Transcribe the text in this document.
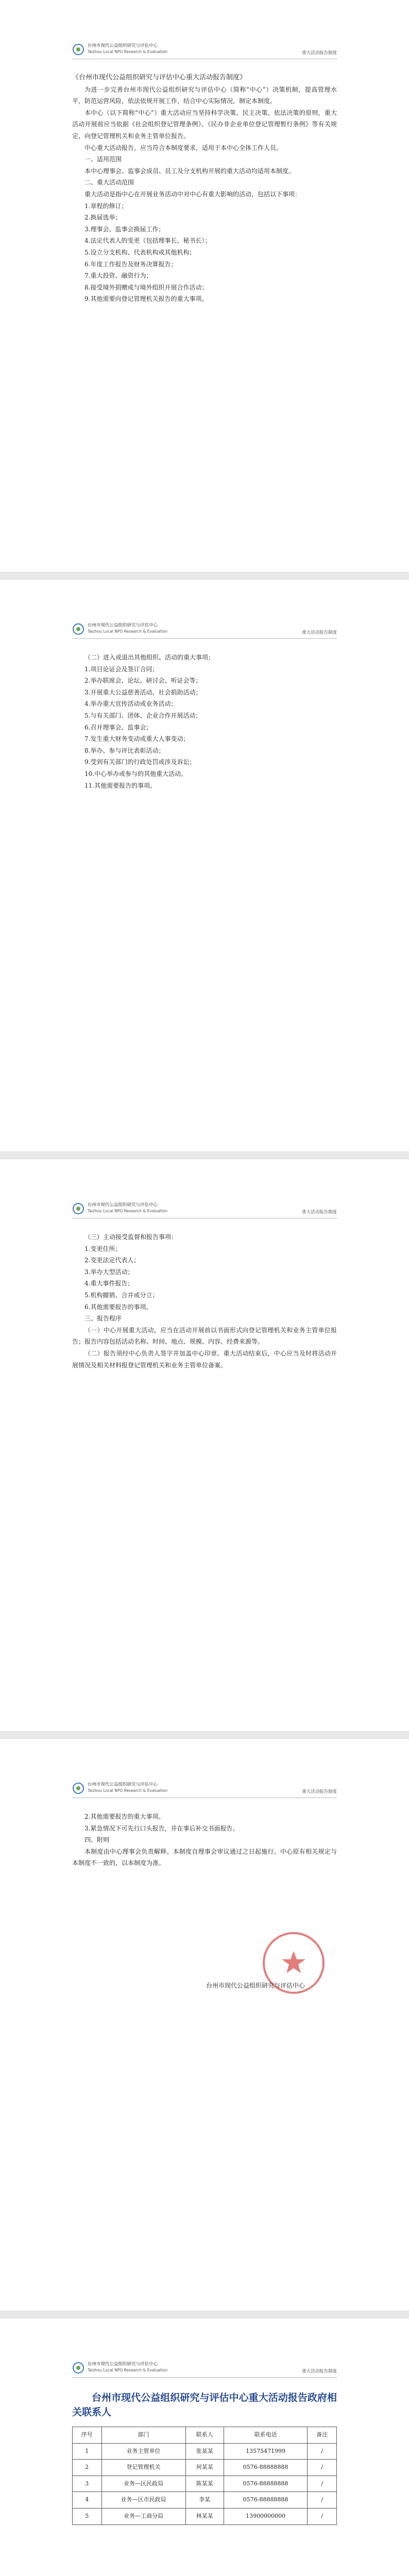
台州市现代公益组织研究与评估中心
Taizhou Local NPO Research & Evaluation	重大活动报告制度

《台州市现代公益组织研究与评估中心重大活动报告制度》

为进一步完善台州市现代公益组织研究与评估中心（简称“中心”）决策机制，提高管理水平，防范运营风险，依法依规开展工作，结合中心实际情况，制定本制度。

本中心（以下简称“中心”）重大活动应当坚持科学决策、民主决策、依法决策的原则，重大活动开展前应当依据《社会组织登记管理条例》、《民办非企业单位登记管理暂行条例》等有关规定，向登记管理机关和业务主管单位报告。

中心重大活动报告，应当符合本制度要求，适用于本中心全体工作人员。

一、适用范围

本中心理事会、监事会成员、员工及分支机构开展的重大活动均适用本制度。

二、重大活动范围

重大活动是指中心在开展业务活动中对中心有重大影响的活动，包括以下事项：

1.章程的修订；

2.换届选举；

3.理事会、监事会换届工作；

4.法定代表人的变更（包括理事长、秘书长）；

5.设立分支机构、代表机构或其他机构；

6.年度工作报告及财务决算报告；

7.重大投资、融资行为；

8.接受境外捐赠或与境外组织开展合作活动；

9.其他需要向登记管理机关报告的重大事项。

台州市现代公益组织研究与评估中心
Taizhou Local NPO Research & Evaluation	重大活动报告制度

（二）进入或退出其他组织、活动的重大事项；

1.项目论证会及签订合同；

2.举办联席会、论坛、研讨会、听证会等；

3.开展重大公益慈善活动、社会捐助活动；

4.举办重大宣传活动或业务活动；

5.与有关部门、团体、企业合作开展活动；

6.召开理事会、监事会；

7.发生重大财务变动或重大人事变动；

8.举办、参与评比表彰活动；

9.受到有关部门的行政处罚或涉及诉讼；

10.中心举办或参与的其他重大活动。

11.其他需要报告的事项。

台州市现代公益组织研究与评估中心
Taizhou Local NPO Research & Evaluation	重大活动报告制度

（三）主动接受监督和报告事项：

1.变更住所；

2.变更法定代表人；

3.举办大型活动；

4.重大事件报告；

5.机构撤销、合并或分立；

6.其他需要报告的事项。

三、报告程序

（一）中心开展重大活动，应当在活动开展前以书面形式向登记管理机关和业务主管单位报告；报告内容包括活动名称、时间、地点、规模、内容、经费来源等。

（二）报告须经中心负责人签字并加盖中心印章。重大活动结束后，中心应当及时将活动开展情况及相关材料报登记管理机关和业务主管单位备案。

台州市现代公益组织研究与评估中心
Taizhou Local NPO Research & Evaluation	重大活动报告制度

2.其他需要报告的重大事项。

3.紧急情况下可先行口头报告，并在事后补交书面报告。

四、附则

本制度由中心理事会负责解释。本制度自理事会审议通过之日起施行。中心原有相关规定与本制度不一致的，以本制度为准。

台州市现代公益组织研究与评估中心
台州市现代公益组织研究与评估中心
Taizhou Local NPO Research & Evaluation	重大活动报告制度

台州市现代公益组织研究与评估中心重大活动报告政府相关联系人

序号	部门	联系人	联系电话	备注
1	业务主管单位	张某某	13575471999	/
2	登记管理机关	何某某	0576-88888888	/
3	业务—区民政局	陈某某	0576-88888888	/
4	业务—区市民政局	李某	0576-88888888	/
5	业务—工商分局	林某某	13900000000	/
